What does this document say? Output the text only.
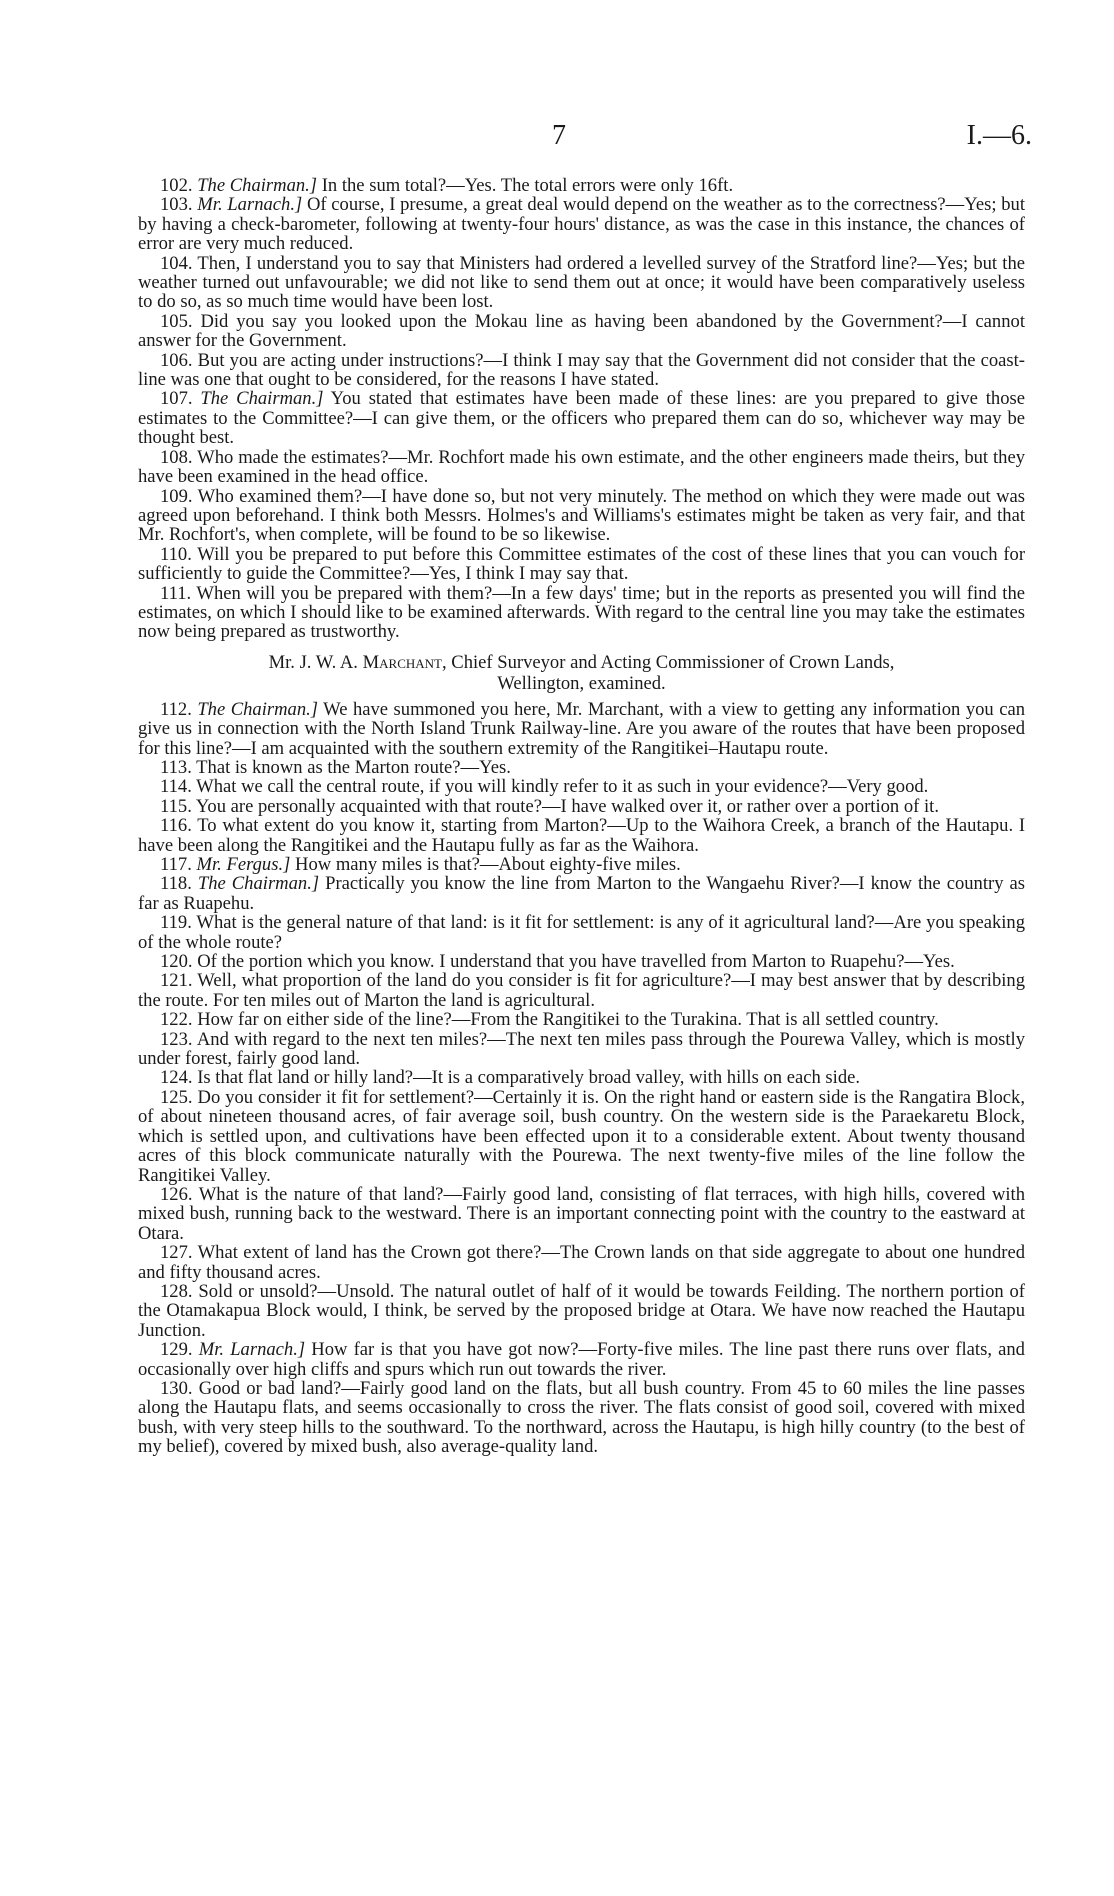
7	I.—6.

102. The Chairman.] In the sum total?—Yes. The total errors were only 16ft.

103. Mr. Larnach.] Of course, I presume, a great deal would depend on the weather as to the correctness?—Yes; but by having a check-barometer, following at twenty-four hours' distance, as was the case in this instance, the chances of error are very much reduced.

104. Then, I understand you to say that Ministers had ordered a levelled survey of the Stratford line?—Yes; but the weather turned out unfavourable; we did not like to send them out at once; it would have been comparatively useless to do so, as so much time would have been lost.

105. Did you say you looked upon the Mokau line as having been abandoned by the Government?—I cannot answer for the Government.

106. But you are acting under instructions?—I think I may say that the Government did not consider that the coast-line was one that ought to be considered, for the reasons I have stated.

107. The Chairman.] You stated that estimates have been made of these lines: are you prepared to give those estimates to the Committee?—I can give them, or the officers who prepared them can do so, whichever way may be thought best.

108. Who made the estimates?—Mr. Rochfort made his own estimate, and the other engineers made theirs, but they have been examined in the head office.

109. Who examined them?—I have done so, but not very minutely. The method on which they were made out was agreed upon beforehand. I think both Messrs. Holmes's and Williams's estimates might be taken as very fair, and that Mr. Rochfort's, when complete, will be found to be so likewise.

110. Will you be prepared to put before this Committee estimates of the cost of these lines that you can vouch for sufficiently to guide the Committee?—Yes, I think I may say that.

111. When will you be prepared with them?—In a few days' time; but in the reports as presented you will find the estimates, on which I should like to be examined afterwards. With regard to the central line you may take the estimates now being prepared as trustworthy.

Mr. J. W. A. Marchant, Chief Surveyor and Acting Commissioner of Crown Lands,
Wellington, examined.

112. The Chairman.] We have summoned you here, Mr. Marchant, with a view to getting any information you can give us in connection with the North Island Trunk Railway-line. Are you aware of the routes that have been proposed for this line?—I am acquainted with the southern extremity of the Rangitikei–Hautapu route.

113. That is known as the Marton route?—Yes.

114. What we call the central route, if you will kindly refer to it as such in your evidence?—Very good.

115. You are personally acquainted with that route?—I have walked over it, or rather over a portion of it.

116. To what extent do you know it, starting from Marton?—Up to the Waihora Creek, a branch of the Hautapu. I have been along the Rangitikei and the Hautapu fully as far as the Waihora.

117. Mr. Fergus.] How many miles is that?—About eighty-five miles.

118. The Chairman.] Practically you know the line from Marton to the Wangaehu River?—I know the country as far as Ruapehu.

119. What is the general nature of that land: is it fit for settlement: is any of it agricultural land?—Are you speaking of the whole route?

120. Of the portion which you know. I understand that you have travelled from Marton to Ruapehu?—Yes.

121. Well, what proportion of the land do you consider is fit for agriculture?—I may best answer that by describing the route. For ten miles out of Marton the land is agricultural.

122. How far on either side of the line?—From the Rangitikei to the Turakina. That is all settled country.

123. And with regard to the next ten miles?—The next ten miles pass through the Pourewa Valley, which is mostly under forest, fairly good land.

124. Is that flat land or hilly land?—It is a comparatively broad valley, with hills on each side.

125. Do you consider it fit for settlement?—Certainly it is. On the right hand or eastern side is the Rangatira Block, of about nineteen thousand acres, of fair average soil, bush country. On the western side is the Paraekaretu Block, which is settled upon, and cultivations have been effected upon it to a considerable extent. About twenty thousand acres of this block communicate naturally with the Pourewa. The next twenty-five miles of the line follow the Rangitikei Valley.

126. What is the nature of that land?—Fairly good land, consisting of flat terraces, with high hills, covered with mixed bush, running back to the westward. There is an important connecting point with the country to the eastward at Otara.

127. What extent of land has the Crown got there?—The Crown lands on that side aggregate to about one hundred and fifty thousand acres.

128. Sold or unsold?—Unsold. The natural outlet of half of it would be towards Feilding. The northern portion of the Otamakapua Block would, I think, be served by the proposed bridge at Otara. We have now reached the Hautapu Junction.

129. Mr. Larnach.] How far is that you have got now?—Forty-five miles. The line past there runs over flats, and occasionally over high cliffs and spurs which run out towards the river.

130. Good or bad land?—Fairly good land on the flats, but all bush country. From 45 to 60 miles the line passes along the Hautapu flats, and seems occasionally to cross the river. The flats consist of good soil, covered with mixed bush, with very steep hills to the southward. To the northward, across the Hautapu, is high hilly country (to the best of my belief), covered by mixed bush, also average-quality land.
